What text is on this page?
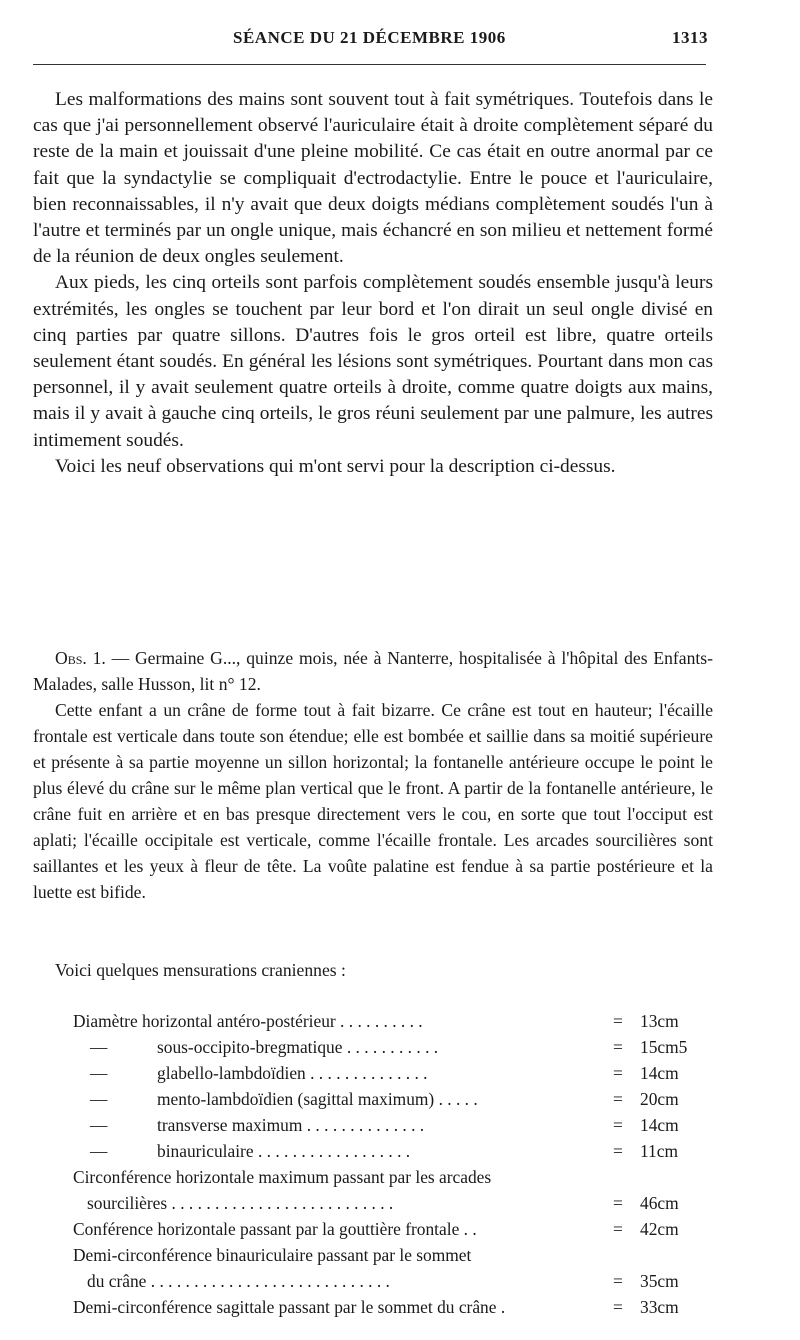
SÉANCE DU 21 DÉCEMBRE 1906	1313

Les malformations des mains sont souvent tout à fait symétriques. Toutefois dans le cas que j'ai personnellement observé l'auriculaire était à droite complètement séparé du reste de la main et jouissait d'une pleine mobilité. Ce cas était en outre anormal par ce fait que la syndactylie se compliquait d'ectrodactylie. Entre le pouce et l'auriculaire, bien reconnaissables, il n'y avait que deux doigts médians complètement soudés l'un à l'autre et terminés par un ongle unique, mais échancré en son milieu et nettement formé de la réunion de deux ongles seulement.

Aux pieds, les cinq orteils sont parfois complètement soudés ensemble jusqu'à leurs extrémités, les ongles se touchent par leur bord et l'on dirait un seul ongle divisé en cinq parties par quatre sillons. D'autres fois le gros orteil est libre, quatre orteils seulement étant soudés. En général les lésions sont symétriques. Pourtant dans mon cas personnel, il y avait seulement quatre orteils à droite, comme quatre doigts aux mains, mais il y avait à gauche cinq orteils, le gros réuni seulement par une palmure, les autres intimement soudés.

Voici les neuf observations qui m'ont servi pour la description ci-dessus.

Obs. 1. — Germaine G..., quinze mois, née à Nanterre, hospitalisée à l'hôpital des Enfants-Malades, salle Husson, lit n° 12.

Cette enfant a un crâne de forme tout à fait bizarre. Ce crâne est tout en hauteur; l'écaille frontale est verticale dans toute son étendue; elle est bombée et saillie dans sa moitié supérieure et présente à sa partie moyenne un sillon horizontal; la fontanelle antérieure occupe le point le plus élevé du crâne sur le même plan vertical que le front. A partir de la fontanelle antérieure, le crâne fuit en arrière et en bas presque directement vers le cou, en sorte que tout l'occiput est aplati; l'écaille occipitale est verticale, comme l'écaille frontale. Les arcades sourcilières sont saillantes et les yeux à fleur de tête. La voûte palatine est fendue à sa partie postérieure et la luette est bifide.

Voici quelques mensurations craniennes :

Diamètre horizontal antéro-postérieur . . . . . . . . . .	= 13cm
—	sous-occipito-bregmatique . . . . . . . . . . .	= 15cm5
—	glabello-lambdoïdien . . . . . . . . . . . . . .	= 14cm
—	mento-lambdoïdien (sagittal maximum) . . . . .	= 20cm
—	transverse maximum . . . . . . . . . . . . . .	= 14cm
—	binauriculaire . . . . . . . . . . . . . . . . . .	= 11cm
Circonférence horizontale maximum passant par les arcades
sourcilières . . . . . . . . . . . . . . . . . . . . . . . . . .	= 46cm
Conférence horizontale passant par la gouttière frontale . .	= 42cm
Demi-circonférence binauriculaire passant par le sommet
du crâne . . . . . . . . . . . . . . . . . . . . . . . . . . . .	= 35cm
Demi-circonférence sagittale passant par le sommet du crâne .	= 33cm
